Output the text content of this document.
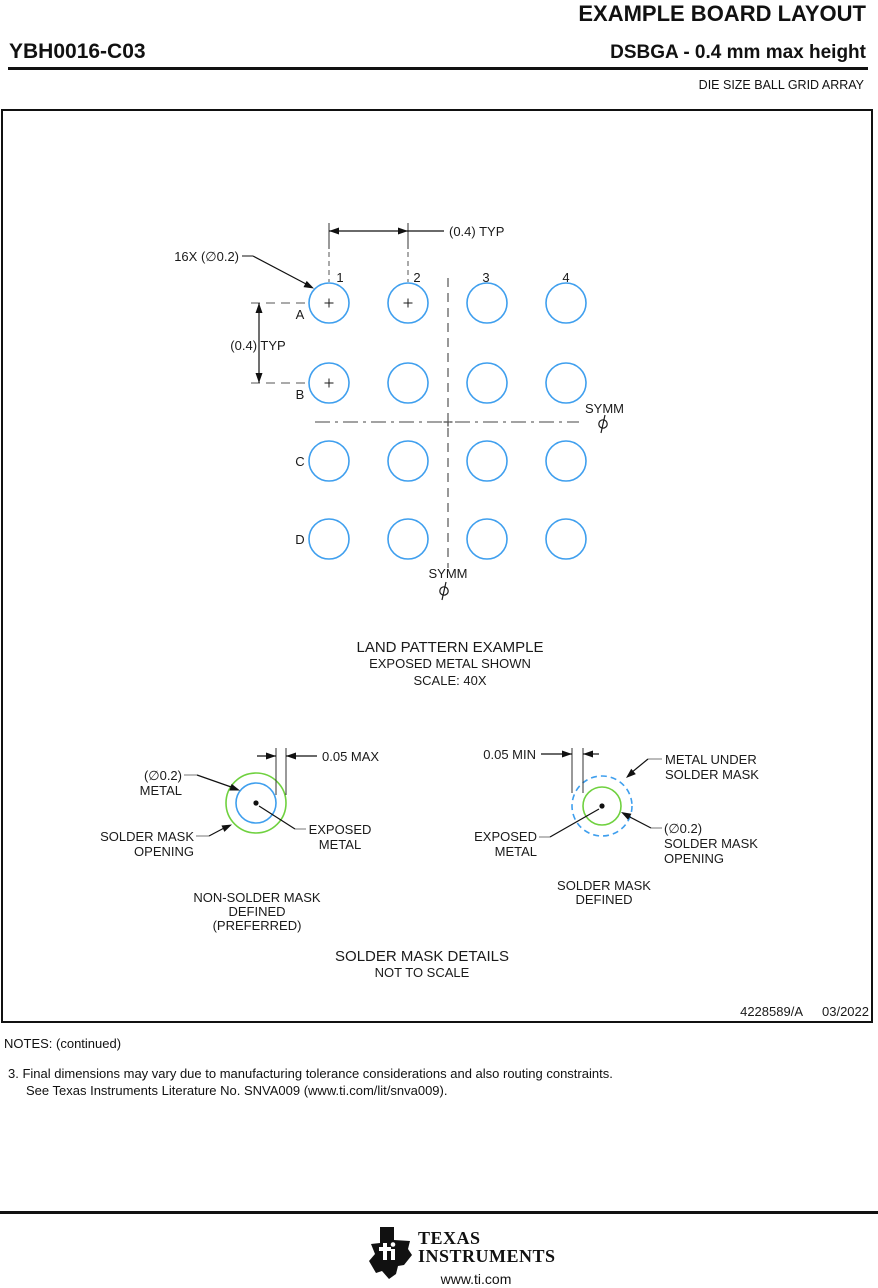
EXAMPLE BOARD LAYOUT
YBH0016-C03	DSBGA - 0.4 mm max height
DIE SIZE BALL GRID ARRAY
(0.4) TYP
(0.4) TYP
16X (∅0.2)
1	2	3	4
A
B
C
D
SYMM
SYMM
LAND PATTERN EXAMPLE
EXPOSED METAL SHOWN
SCALE: 40X
0.05 MAX
(∅0.2)
METAL
SOLDER MASK
OPENING
EXPOSED
METAL
NON-SOLDER MASK
DEFINED
(PREFERRED)
0.05 MIN	METAL UNDER
SOLDER MASK
EXPOSED
METAL
(∅0.2)
SOLDER MASK
OPENING
SOLDER MASK
DEFINED
SOLDER MASK DETAILS
NOT TO SCALE
4228589/A 03/2022
NOTES: (continued)
3. Final dimensions may vary due to manufacturing tolerance considerations and also routing constraints.
See Texas Instruments Literature No. SNVA009 (www.ti.com/lit/snva009).
TEXAS
INSTRUMENTS
www.ti.com
